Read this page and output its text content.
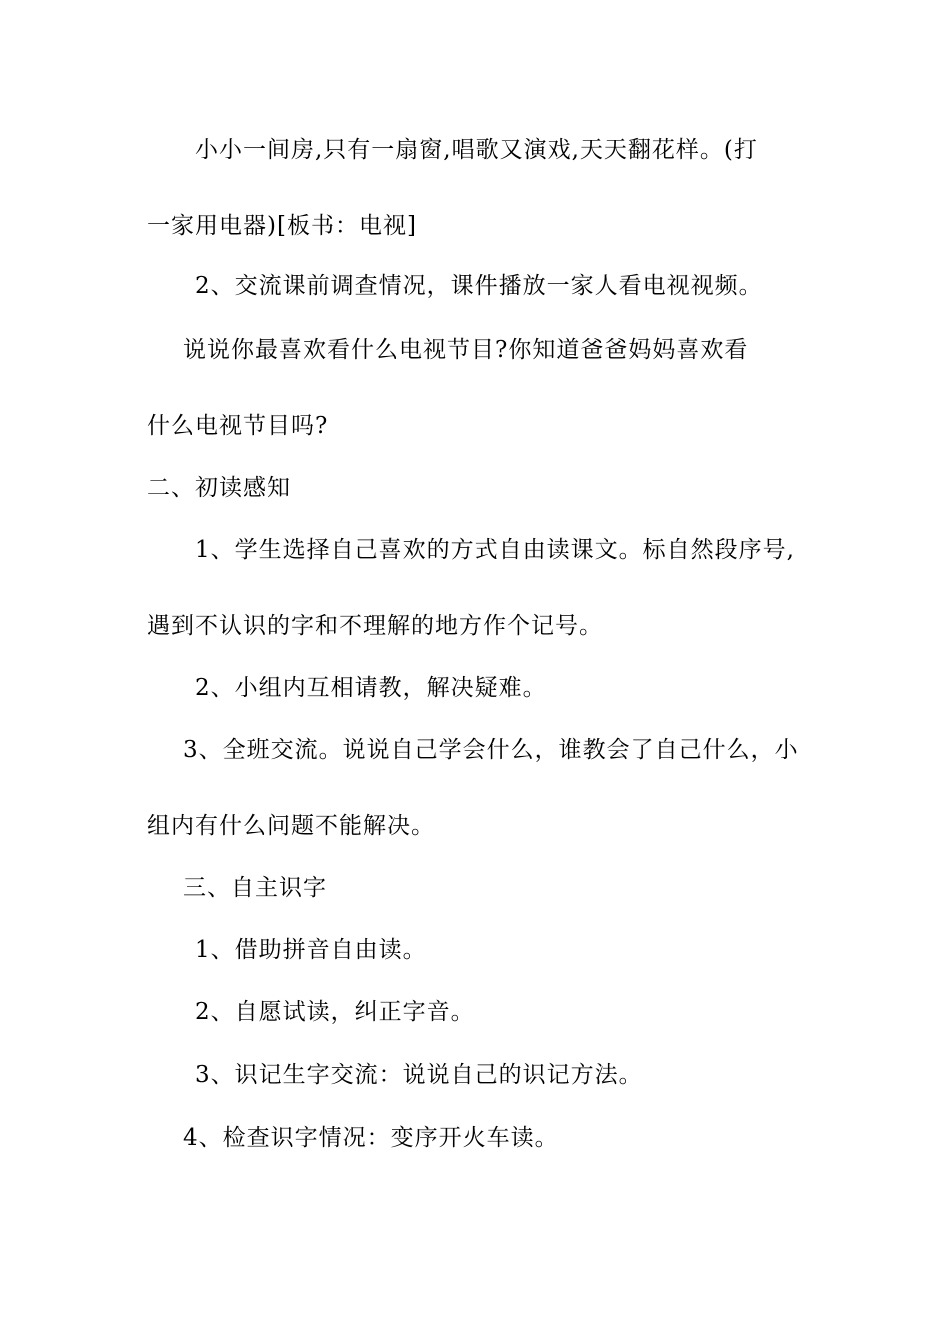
小小一间房,只有一扇窗,唱歌又演戏,天天翻花样。(打

一家用电器)[板书：电视]

2、交流课前调查情况，课件播放一家人看电视视频。

说说你最喜欢看什么电视节目?你知道爸爸妈妈喜欢看

什么电视节目吗?

二、初读感知

1、学生选择自己喜欢的方式自由读课文。标自然段序号,

遇到不认识的字和不理解的地方作个记号。

2、小组内互相请教，解决疑难。

3、全班交流。说说自己学会什么，谁教会了自己什么，小

组内有什么问题不能解决。

三、自主识字

1、借助拼音自由读。

2、自愿试读，纠正字音。

3、识记生字交流：说说自己的识记方法。

4、检查识字情况：变序开火车读。
